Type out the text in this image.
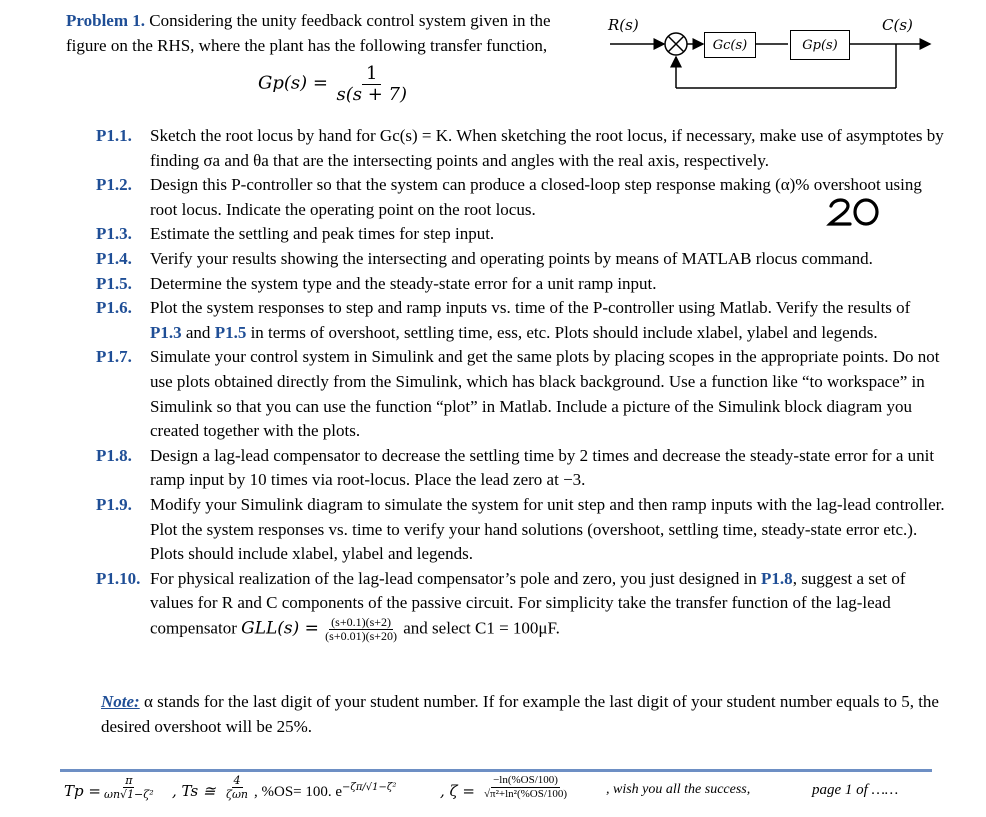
Problem 1. Considering the unity feedback control system given in the
figure on the RHS, where the plant has the following transfer function,
R(s)	C(s)
Gc(s)	Gp(s)
$Gp(s) = \frac{1}{s(s + 7)}$
P1.1.	Sketch the root locus by hand for Gc(s) = K. When sketching the root locus, if necessary, make use of asymptotes by finding σa and θa that are the intersecting points and angles with the real axis, respectively.
P1.2.	Design this P-controller so that the system can produce a closed-loop step response making (α)% overshoot using root locus. Indicate the operating point on the root locus.
P1.3.	Estimate the settling and peak times for step input.
P1.4.	Verify your results showing the intersecting and operating points by means of MATLAB rlocus command.
P1.5.	Determine the system type and the steady-state error for a unit ramp input.
P1.6.	Plot the system responses to step and ramp inputs vs. time of the P-controller using Matlab. Verify the results of P1.3 and P1.5 in terms of overshoot, settling time, ess, etc. Plots should include xlabel, ylabel and legends.
P1.7.	Simulate your control system in Simulink and get the same plots by placing scopes in the appropriate points. Do not use plots obtained directly from the Simulink, which has black background. Use a function like “to workspace” in Simulink so that you can use the function “plot” in Matlab. Include a picture of the Simulink block diagram you created together with the plots.
P1.8.	Design a lag-lead compensator to decrease the settling time by 2 times and decrease the steady-state error for a unit ramp input by 10 times via root-locus. Place the lead zero at −3.
P1.9.	Modify your Simulink diagram to simulate the system for unit step and then ramp inputs with the lag-lead controller. Plot the system responses vs. time to verify your hand solutions (overshoot, settling time, steady-state error etc.). Plots should include xlabel, ylabel and legends.
P1.10. For physical realization of the lag-lead compensator’s pole and zero, you just designed in P1.8, suggest a set of values for R and C components of the passive circuit. For simplicity take the transfer function of the lag-lead compensator $GLL(s) = \frac{(s+0.1)(s+2)}{(s+0.01)(s+20)}$ and select C1 = 100μF.
Note: α stands for the last digit of your student number. If for example the last digit of your student number equals to 5, the desired overshoot will be 25%.
$Tp = \frac{\pi}{\text{ωn√1−ζ²}}$ , Ts ≅ $\frac{4}{\text{ζωn}}$ , %OS= 100. $e^{-\zeta\pi/√1-\zeta^2}$	, $\zeta = \frac{-\ln(\%OS/100)}{\text{√π²+ln²(\%OS/100)}}$	, wish you all the success,	page 1 of ……
